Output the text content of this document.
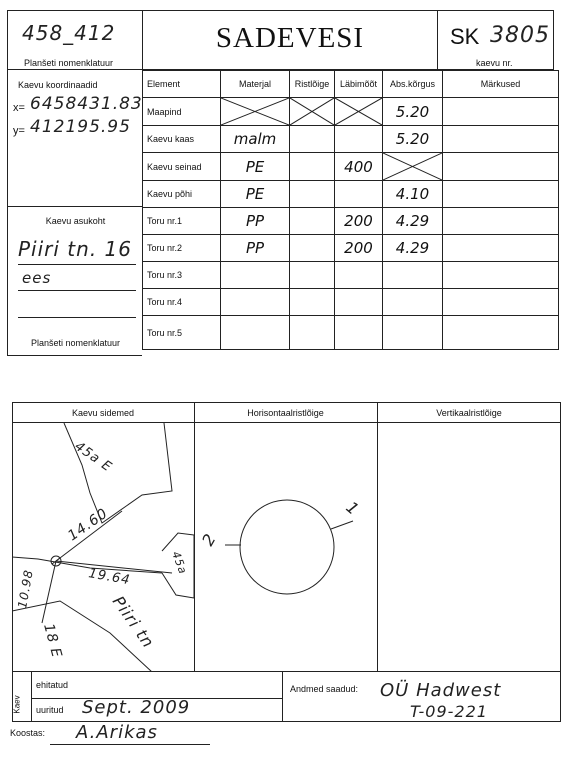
458_412
Planšeti nomenklatuur
SADEVESI	SK 3805
kaevu nr.
Kaevu koordinaadid
x= 6458431.83
y= 412195.95
Kaevu asukoht
Piiri tn. 16
ees
Planšeti nomenklatuur
Element	Materjal	Ristlõige	Läbimõõt	Abs.kõrgus	Märkused
Maapind				5.20	
Kaevu kaas	malm			5.20	
Kaevu seinad	PE		400	

Kaevu põhi	PE			4.10	
Toru nr.1	PP		200	4.29	
Toru nr.2	PP		200	4.29	
Toru nr.3					
Toru nr.4					
Toru nr.5					
Kaevu sidemed	Horisontaalristlõige	Vertikaalristlõige
45a E
45a
18 E
14.60
19.64
10.98
Piiri tn
1
2
Kaev
ehitatud
uuritud Sept. 2009
Andmed saadud: OÜ Hadwest
T-09-221
Koostas: A.Arikas
